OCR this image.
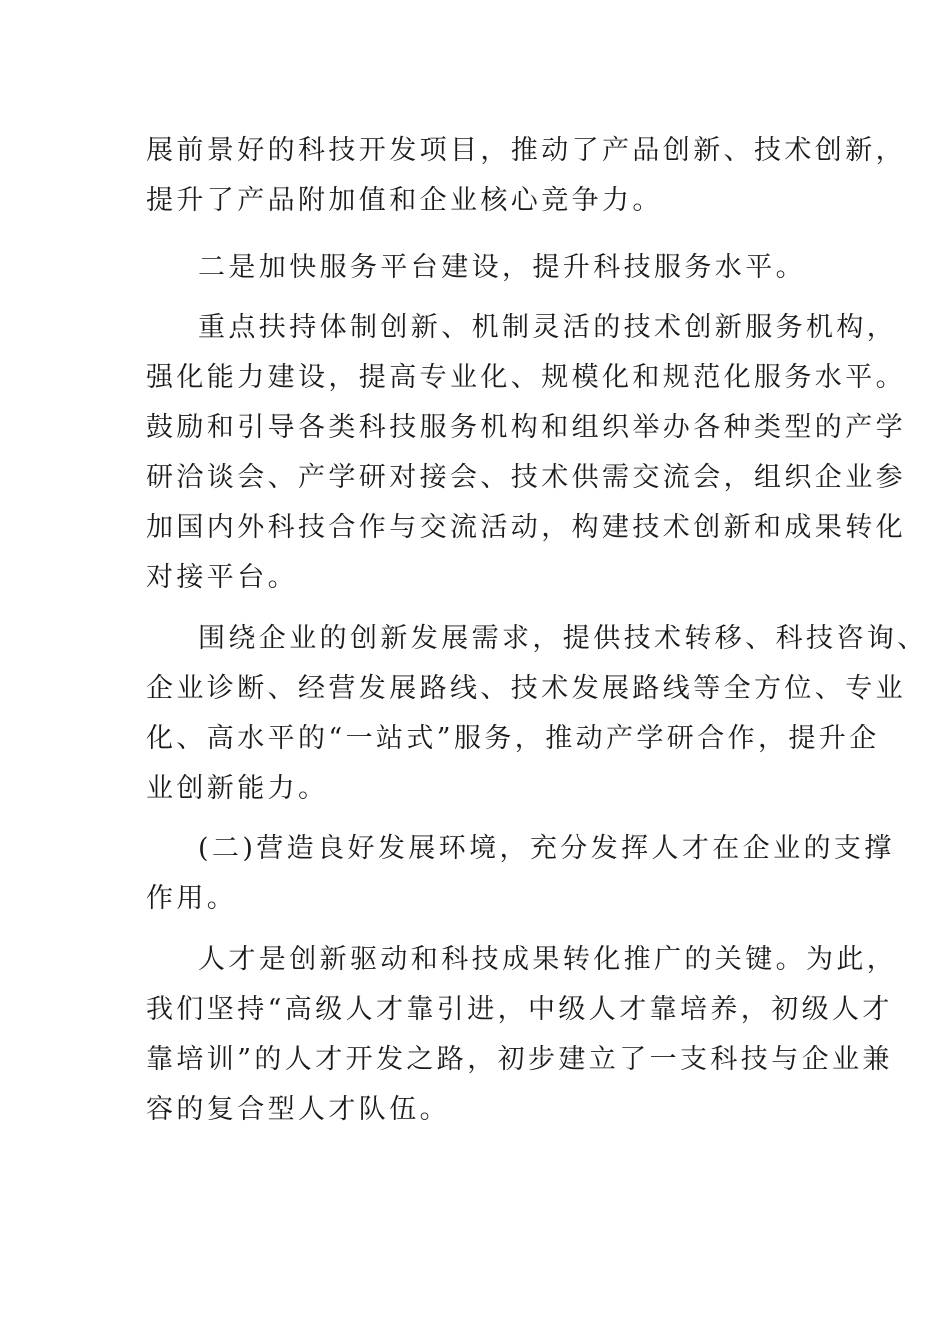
展前景好的科技开发项目，推动了产品创新、技术创新，

提升了产品附加值和企业核心竞争力。

二是加快服务平台建设，提升科技服务水平。

重点扶持体制创新、机制灵活的技术创新服务机构，

强化能力建设，提高专业化、规模化和规范化服务水平。

鼓励和引导各类科技服务机构和组织举办各种类型的产学

研洽谈会、产学研对接会、技术供需交流会，组织企业参

加国内外科技合作与交流活动，构建技术创新和成果转化

对接平台。

围绕企业的创新发展需求，提供技术转移、科技咨询、

企业诊断、经营发展路线、技术发展路线等全方位、专业

化、高水平的“一站式”服务，推动产学研合作，提升企

业创新能力。

(二)营造良好发展环境，充分发挥人才在企业的支撑

作用。

人才是创新驱动和科技成果转化推广的关键。为此，

我们坚持“高级人才靠引进，中级人才靠培养，初级人才

靠培训”的人才开发之路，初步建立了一支科技与企业兼

容的复合型人才队伍。
